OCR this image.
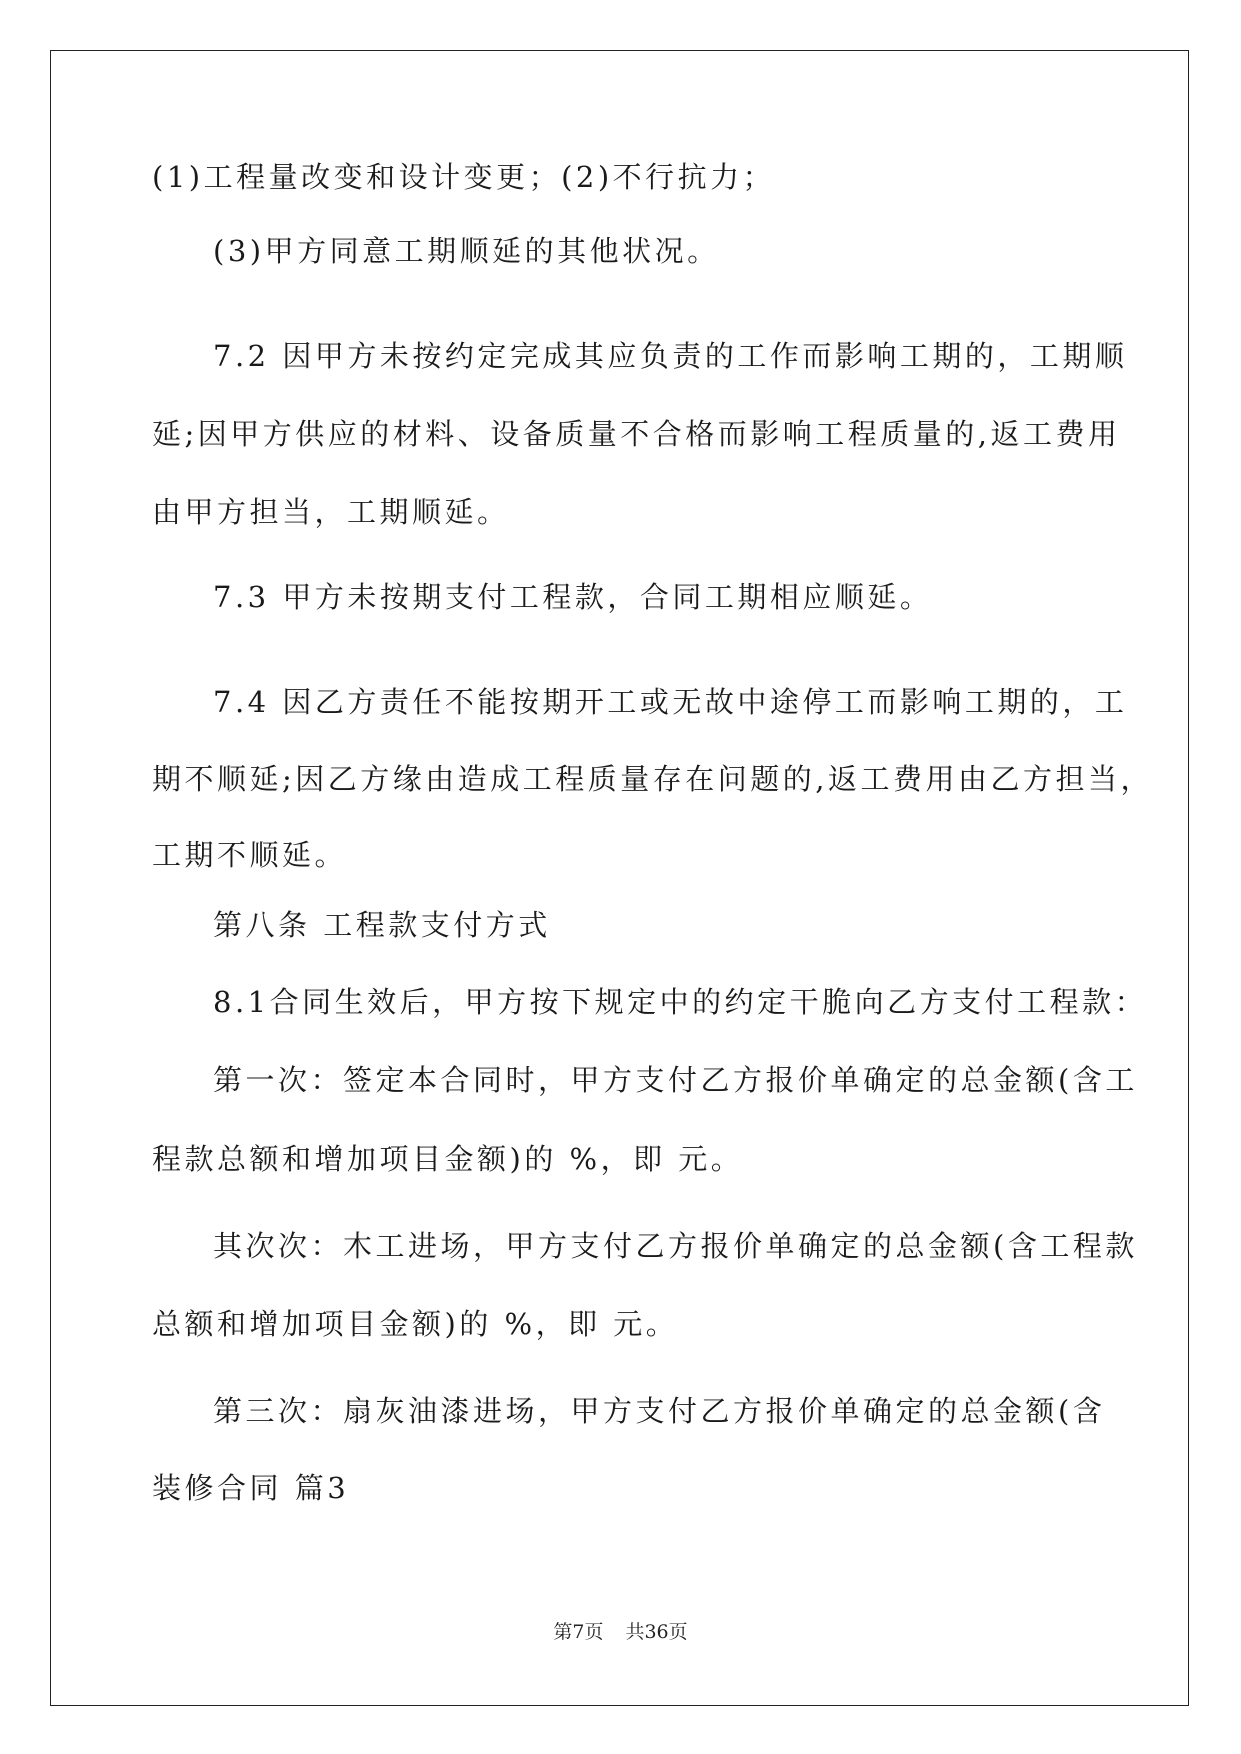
(1)工程量改变和设计变更；(2)不行抗力；
(3)甲方同意工期顺延的其他状况。
7.2 因甲方未按约定完成其应负责的工作而影响工期的，工期顺
延;因甲方供应的材料、设备质量不合格而影响工程质量的,返工费用
由甲方担当，工期顺延。
7.3 甲方未按期支付工程款，合同工期相应顺延。
7.4 因乙方责任不能按期开工或无故中途停工而影响工期的，工
期不顺延;因乙方缘由造成工程质量存在问题的,返工费用由乙方担当，
工期不顺延。
第八条 工程款支付方式
8.1合同生效后，甲方按下规定中的约定干脆向乙方支付工程款：
第一次：签定本合同时，甲方支付乙方报价单确定的总金额(含工
程款总额和增加项目金额)的 %，即 元。
其次次：木工进场，甲方支付乙方报价单确定的总金额(含工程款
总额和增加项目金额)的 %，即 元。
第三次：扇灰油漆进场，甲方支付乙方报价单确定的总金额(含
装修合同 篇3
第7页 共36页
